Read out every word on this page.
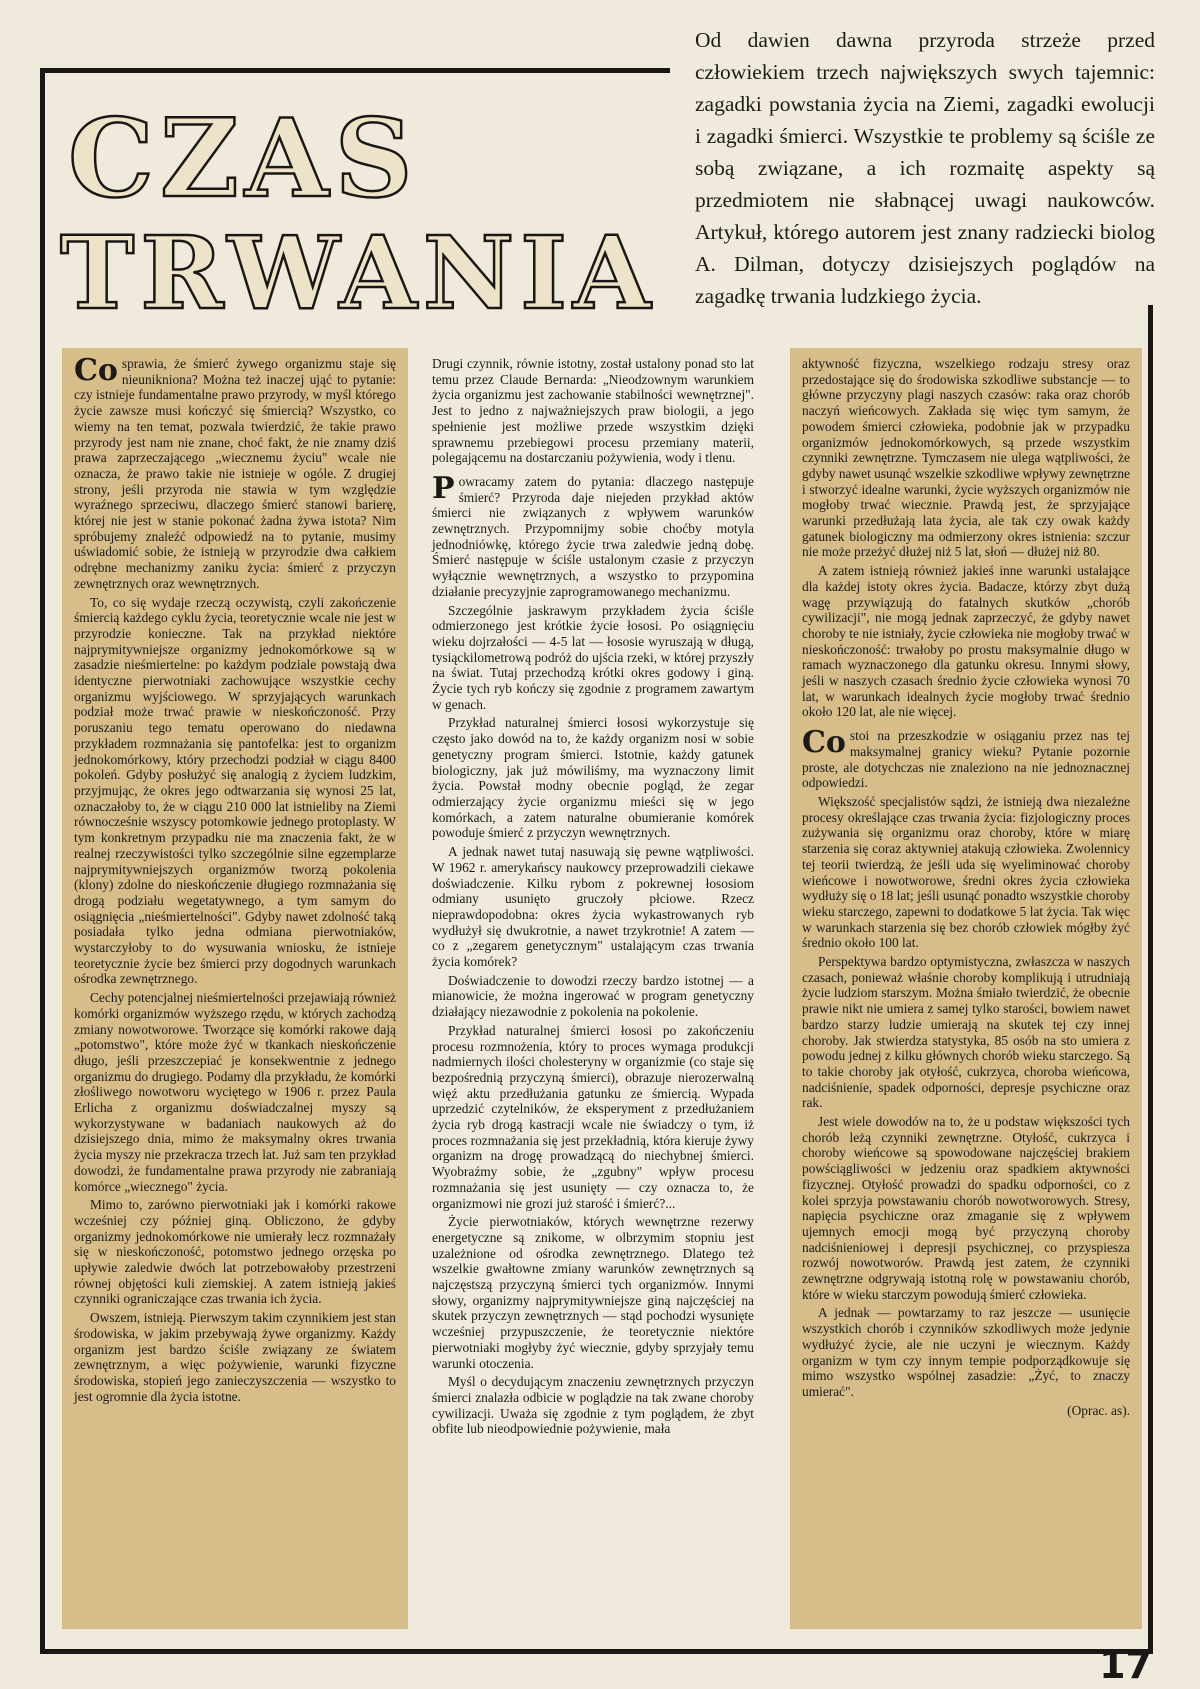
Od dawien dawna przyroda strzeże przed człowiekiem trzech największych swych tajemnic: zagadki powstania życia na Ziemi, zagadki ewolucji i zagadki śmierci. Wszystkie te problemy są ściśle ze sobą związane, a ich rozmaitę aspekty są przedmiotem nie słabnącej uwagi naukowców. Artykuł, którego autorem jest znany radziecki biolog A. Dilman, dotyczy dzisiejszych poglądów na zagadkę trwania ludzkiego życia.

CZAS
TRWANIA

Co sprawia, że śmierć żywego organizmu staje się nieunikniona? Można też inaczej ująć to pytanie: czy istnieje fundamentalne prawo przyrody, w myśl którego życie zawsze musi kończyć się śmiercią? Wszystko, co wiemy na ten temat, pozwala twierdzić, że takie prawo przyrody jest nam nie znane, choć fakt, że nie znamy dziś prawa zaprzeczającego „wiecznemu życiu" wcale nie oznacza, że prawo takie nie istnieje w ogóle. Z drugiej strony, jeśli przyroda nie stawia w tym względzie wyraźnego sprzeciwu, dlaczego śmierć stanowi barierę, której nie jest w stanie pokonać żadna żywa istota? Nim spróbujemy znaleźć odpowiedź na to pytanie, musimy uświadomić sobie, że istnieją w przyrodzie dwa całkiem odrębne mechanizmy zaniku życia: śmierć z przyczyn zewnętrznych oraz wewnętrznych.

To, co się wydaje rzeczą oczywistą, czyli zakończenie śmiercią każdego cyklu życia, teoretycznie wcale nie jest w przyrodzie konieczne. Tak na przykład niektóre najprymitywniejsze organizmy jednokomórkowe są w zasadzie nieśmiertelne: po każdym podziale powstają dwa identyczne pierwotniaki zachowujące wszystkie cechy organizmu wyjściowego. W sprzyjających warunkach podział może trwać prawie w nieskończoność. Przy poruszaniu tego tematu operowano do niedawna przykładem rozmnażania się pantofelka: jest to organizm jednokomórkowy, który przechodzi podział w ciągu 8400 pokoleń. Gdyby posłużyć się analogią z życiem ludzkim, przyjmując, że okres jego odtwarzania się wynosi 25 lat, oznaczałoby to, że w ciągu 210 000 lat istnieliby na Ziemi równocześnie wszyscy potomkowie jednego protoplasty. W tym konkretnym przypadku nie ma znaczenia fakt, że w realnej rzeczywistości tylko szczególnie silne egzemplarze najprymitywniejszych organizmów tworzą pokolenia (klony) zdolne do nieskończenie długiego rozmnażania się drogą podziału wegetatywnego, a tym samym do osiągnięcia „nieśmiertelności". Gdyby nawet zdolność taką posiadała tylko jedna odmiana pierwotniaków, wystarczyłoby to do wysuwania wniosku, że istnieje teoretycznie życie bez śmierci przy dogodnych warunkach ośrodka zewnętrznego.

Cechy potencjalnej nieśmiertelności przejawiają również komórki organizmów wyższego rzędu, w których zachodzą zmiany nowotworowe. Tworzące się komórki rakowe dają „potomstwo", które może żyć w tkankach nieskończenie długo, jeśli przeszczepiać je konsekwentnie z jednego organizmu do drugiego. Podamy dla przykładu, że komórki złośliwego nowotworu wyciętego w 1906 r. przez Paula Erlicha z organizmu doświadczalnej myszy są wykorzystywane w badaniach naukowych aż do dzisiejszego dnia, mimo że maksymalny okres trwania życia myszy nie przekracza trzech lat. Już sam ten przykład dowodzi, że fundamentalne prawa przyrody nie zabraniają komórce „wiecznego" życia.

Mimo to, zarówno pierwotniaki jak i komórki rakowe wcześniej czy później giną. Obliczono, że gdyby organizmy jednokomórkowe nie umierały lecz rozmnażały się w nieskończoność, potomstwo jednego orzęska po upływie zaledwie dwóch lat potrzebowałoby przestrzeni równej objętości kuli ziemskiej. A zatem istnieją jakieś czynniki ograniczające czas trwania ich życia.

Owszem, istnieją. Pierwszym takim czynnikiem jest stan środowiska, w jakim przebywają żywe organizmy. Każdy organizm jest bardzo ściśle związany ze światem zewnętrznym, a więc pożywienie, warunki fizyczne środowiska, stopień jego zanieczyszczenia — wszystko to jest ogromnie dla życia istotne.

Drugi czynnik, równie istotny, został ustalony ponad sto lat temu przez Claude Bernarda: „Nieodzownym warunkiem życia organizmu jest zachowanie stabilności wewnętrznej". Jest to jedno z najważniejszych praw biologii, a jego spełnienie jest możliwe przede wszystkim dzięki sprawnemu przebiegowi procesu przemiany materii, polegającemu na dostarczaniu pożywienia, wody i tlenu.

Powracamy zatem do pytania: dlaczego następuje śmierć? Przyroda daje niejeden przykład aktów śmierci nie związanych z wpływem warunków zewnętrznych. Przypomnijmy sobie choćby motyla jednodniówkę, którego życie trwa zaledwie jedną dobę. Śmierć następuje w ściśle ustalonym czasie z przyczyn wyłącznie wewnętrznych, a wszystko to przypomina działanie precyzyjnie zaprogramowanego mechanizmu.

Szczególnie jaskrawym przykładem życia ściśle odmierzonego jest krótkie życie łososi. Po osiągnięciu wieku dojrzałości — 4-5 lat — łososie wyruszają w długą, tysiąckilometrową podróż do ujścia rzeki, w której przyszły na świat. Tutaj przechodzą krótki okres godowy i giną. Życie tych ryb kończy się zgodnie z programem zawartym w genach.

Przykład naturalnej śmierci łososi wykorzystuje się często jako dowód na to, że każdy organizm nosi w sobie genetyczny program śmierci. Istotnie, każdy gatunek biologiczny, jak już mówiliśmy, ma wyznaczony limit życia. Powstał modny obecnie pogląd, że zegar odmierzający życie organizmu mieści się w jego komórkach, a zatem naturalne obumieranie komórek powoduje śmierć z przyczyn wewnętrznych.

A jednak nawet tutaj nasuwają się pewne wątpliwości. W 1962 r. amerykańscy naukowcy przeprowadzili ciekawe doświadczenie. Kilku rybom z pokrewnej łososiom odmiany usunięto gruczoły płciowe. Rzecz nieprawdopodobna: okres życia wykastrowanych ryb wydłużył się dwukrotnie, a nawet trzykrotnie! A zatem — co z „zegarem genetycznym" ustalającym czas trwania życia komórek?

Doświadczenie to dowodzi rzeczy bardzo istotnej — a mianowicie, że można ingerować w program genetyczny działający niezawodnie z pokolenia na pokolenie.

Przykład naturalnej śmierci łososi po zakończeniu procesu rozmnożenia, który to proces wymaga produkcji nadmiernych ilości cholesteryny w organizmie (co staje się bezpośrednią przyczyną śmierci), obrazuje nierozerwalną więź aktu przedłużania gatunku ze śmiercią. Wypada uprzedzić czytelników, że eksperyment z przedłużaniem życia ryb drogą kastracji wcale nie świadczy o tym, iż proces rozmnażania się jest przekładnią, która kieruje żywy organizm na drogę prowadzącą do niechybnej śmierci. Wyobraźmy sobie, że „zgubny" wpływ procesu rozmnażania się jest usunięty — czy oznacza to, że organizmowi nie grozi już starość i śmierć?...

Życie pierwotniaków, których wewnętrzne rezerwy energetyczne są znikome, w olbrzymim stopniu jest uzależnione od ośrodka zewnętrznego. Dlatego też wszelkie gwałtowne zmiany warunków zewnętrznych są najczęstszą przyczyną śmierci tych organizmów. Innymi słowy, organizmy najprymitywniejsze giną najczęściej na skutek przyczyn zewnętrznych — stąd pochodzi wysunięte wcześniej przypuszczenie, że teoretycznie niektóre pierwotniaki mogłyby żyć wiecznie, gdyby sprzyjały temu warunki otoczenia.

Myśl o decydującym znaczeniu zewnętrznych przyczyn śmierci znalazła odbicie w poglądzie na tak zwane choroby cywilizacji. Uważa się zgodnie z tym poglądem, że zbyt obfite lub nieodpowiednie pożywienie, mała

aktywność fizyczna, wszelkiego rodzaju stresy oraz przedostające się do środowiska szkodliwe substancje — to główne przyczyny plagi naszych czasów: raka oraz chorób naczyń wieńcowych. Zakłada się więc tym samym, że powodem śmierci człowieka, podobnie jak w przypadku organizmów jednokomórkowych, są przede wszystkim czynniki zewnętrzne. Tymczasem nie ulega wątpliwości, że gdyby nawet usunąć wszelkie szkodliwe wpływy zewnętrzne i stworzyć idealne warunki, życie wyższych organizmów nie mogłoby trwać wiecznie. Prawdą jest, że sprzyjające warunki przedłużają lata życia, ale tak czy owak każdy gatunek biologiczny ma odmierzony okres istnienia: szczur nie może przeżyć dłużej niż 5 lat, słoń — dłużej niż 80.

A zatem istnieją również jakieś inne warunki ustalające dla każdej istoty okres życia. Badacze, którzy zbyt dużą wagę przywiązują do fatalnych skutków „chorób cywilizacji", nie mogą jednak zaprzeczyć, że gdyby nawet choroby te nie istniały, życie człowieka nie mogłoby trwać w nieskończoność: trwałoby po prostu maksymalnie długo w ramach wyznaczonego dla gatunku okresu. Innymi słowy, jeśli w naszych czasach średnio życie człowieka wynosi 70 lat, w warunkach idealnych życie mogłoby trwać średnio około 120 lat, ale nie więcej.

Co stoi na przeszkodzie w osiąganiu przez nas tej maksymalnej granicy wieku? Pytanie pozornie proste, ale dotychczas nie znaleziono na nie jednoznacznej odpowiedzi.

Większość specjalistów sądzi, że istnieją dwa niezależne procesy określające czas trwania życia: fizjologiczny proces zużywania się organizmu oraz choroby, które w miarę starzenia się coraz aktywniej atakują człowieka. Zwolennicy tej teorii twierdzą, że jeśli uda się wyeliminować choroby wieńcowe i nowotworowe, średni okres życia człowieka wydłuży się o 18 lat; jeśli usunąć ponadto wszystkie choroby wieku starczego, zapewni to dodatkowe 5 lat życia. Tak więc w warunkach starzenia się bez chorób człowiek mógłby żyć średnio około 100 lat.

Perspektywa bardzo optymistyczna, zwłaszcza w naszych czasach, ponieważ właśnie choroby komplikują i utrudniają życie ludziom starszym. Można śmiało twierdzić, że obecnie prawie nikt nie umiera z samej tylko starości, bowiem nawet bardzo starzy ludzie umierają na skutek tej czy innej choroby. Jak stwierdza statystyka, 85 osób na sto umiera z powodu jednej z kilku głównych chorób wieku starczego. Są to takie choroby jak otyłość, cukrzyca, choroba wieńcowa, nadciśnienie, spadek odporności, depresje psychiczne oraz rak.

Jest wiele dowodów na to, że u podstaw większości tych chorób leżą czynniki zewnętrzne. Otyłość, cukrzyca i choroby wieńcowe są spowodowane najczęściej brakiem powściągliwości w jedzeniu oraz spadkiem aktywności fizycznej. Otyłość prowadzi do spadku odporności, co z kolei sprzyja powstawaniu chorób nowotworowych. Stresy, napięcia psychiczne oraz zmaganie się z wpływem ujemnych emocji mogą być przyczyną choroby nadciśnieniowej i depresji psychicznej, co przyspiesza rozwój nowotworów. Prawdą jest zatem, że czynniki zewnętrzne odgrywają istotną rolę w powstawaniu chorób, które w wieku starczym powodują śmierć człowieka.

A jednak — powtarzamy to raz jeszcze — usunięcie wszystkich chorób i czynników szkodliwych może jedynie wydłużyć życie, ale nie uczyni je wiecznym. Każdy organizm w tym czy innym tempie podporządkowuje się mimo wszystko wspólnej zasadzie: „Żyć, to znaczy umierać".

(Oprac. as).

17
